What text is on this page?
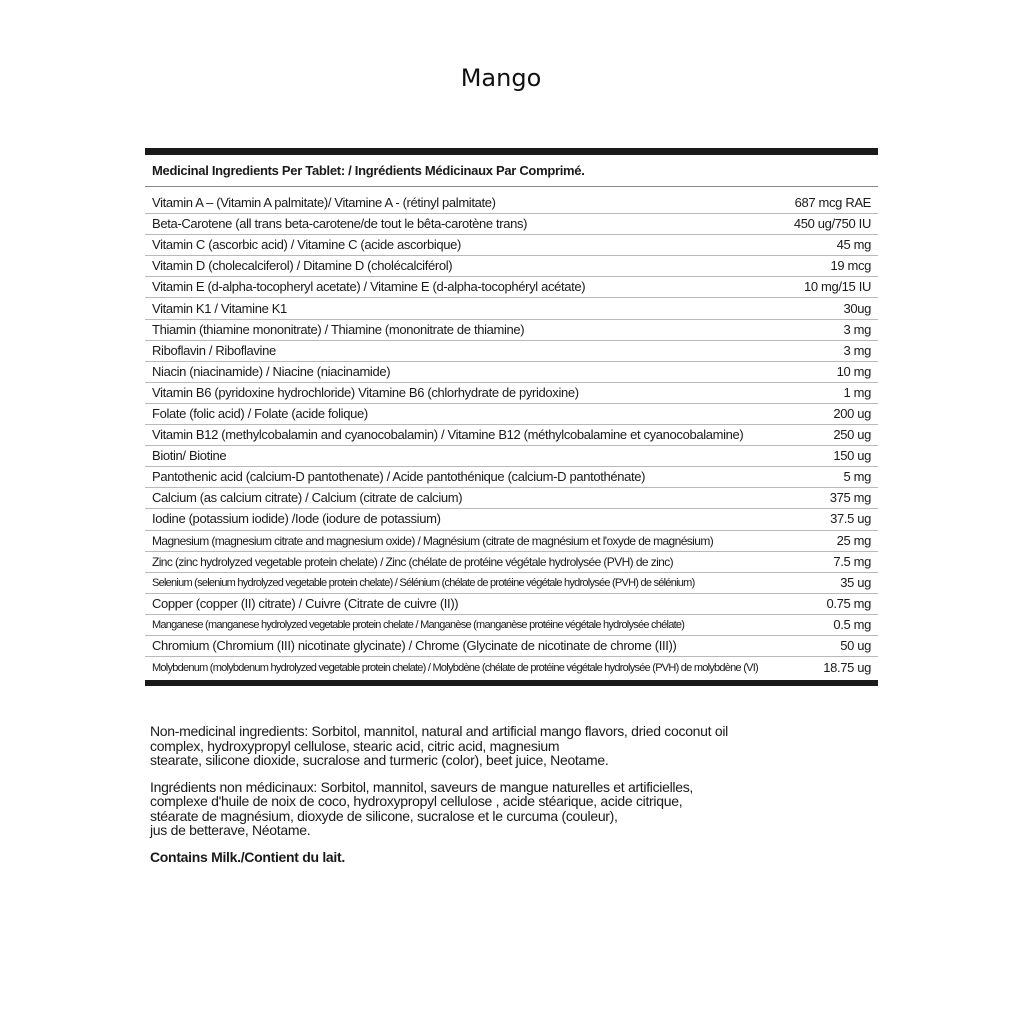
Mango
Medicinal Ingredients Per Tablet: / Ingrédients Médicinaux Par Comprimé.
Vitamin A – (Vitamin A palmitate)/ Vitamine A - (rétinyl palmitate)	687 mcg RAE
Beta-Carotene (all trans beta-carotene/de tout le bêta-carotène trans)	450 ug/750 IU
Vitamin C (ascorbic acid) / Vitamine C (acide ascorbique)	45 mg
Vitamin D (cholecalciferol) / Ditamine D (cholécalciférol)	19 mcg
Vitamin E (d-alpha-tocopheryl acetate) / Vitamine E (d-alpha-tocophéryl acétate)	10 mg/15 IU
Vitamin K1 / Vitamine K1	30ug
Thiamin (thiamine mononitrate) / Thiamine (mononitrate de thiamine)	3 mg
Riboflavin / Riboflavine	3 mg
Niacin (niacinamide) / Niacine (niacinamide)	10 mg
Vitamin B6 (pyridoxine hydrochloride) Vitamine B6 (chlorhydrate de pyridoxine)	1 mg
Folate (folic acid) / Folate (acide folique)	200 ug
Vitamin B12 (methylcobalamin and cyanocobalamin) / Vitamine B12 (méthylcobalamine et cyanocobalamine)	250 ug
Biotin/ Biotine	150 ug
Pantothenic acid (calcium-D pantothenate) / Acide pantothénique (calcium-D pantothénate)	5 mg
Calcium (as calcium citrate) / Calcium (citrate de calcium)	375 mg
Iodine (potassium iodide) /Iode (iodure de potassium)	37.5 ug
Magnesium (magnesium citrate and magnesium oxide) / Magnésium (citrate de magnésium et l'oxyde de magnésium)	25 mg
Zinc (zinc hydrolyzed vegetable protein chelate) / Zinc (chélate de protéine végétale hydrolysée (PVH) de zinc)	7.5 mg
Selenium (selenium hydrolyzed vegetable protein chelate) / Sélénium (chélate de protéine végétale hydrolysée (PVH) de sélénium)	35 ug
Copper (copper (II) citrate) / Cuivre (Citrate de cuivre (II))	0.75 mg
Manganese (manganese hydrolyzed vegetable protein chelate / Manganèse (manganèse protéine végétale hydrolysée chélate)	0.5 mg
Chromium (Chromium (III) nicotinate glycinate) / Chrome (Glycinate de nicotinate de chrome (III))	50 ug
Molybdenum (molybdenum hydrolyzed vegetable protein chelate) / Molybdène (chélate de protéine végétale hydrolysée (PVH) de molybdène (VI)	18.75 ug
Non-medicinal ingredients: Sorbitol, mannitol, natural and artificial mango flavors, dried coconut oil
complex, hydroxypropyl cellulose, stearic acid, citric acid, magnesium
stearate, silicone dioxide, sucralose and turmeric (color), beet juice, Neotame.
Ingrédients non médicinaux: Sorbitol, mannitol, saveurs de mangue naturelles et artificielles,
complexe d'huile de noix de coco, hydroxypropyl cellulose , acide stéarique, acide citrique,
stéarate de magnésium, dioxyde de silicone, sucralose et le curcuma (couleur),
jus de betterave, Néotame.
Contains Milk./Contient du lait.
